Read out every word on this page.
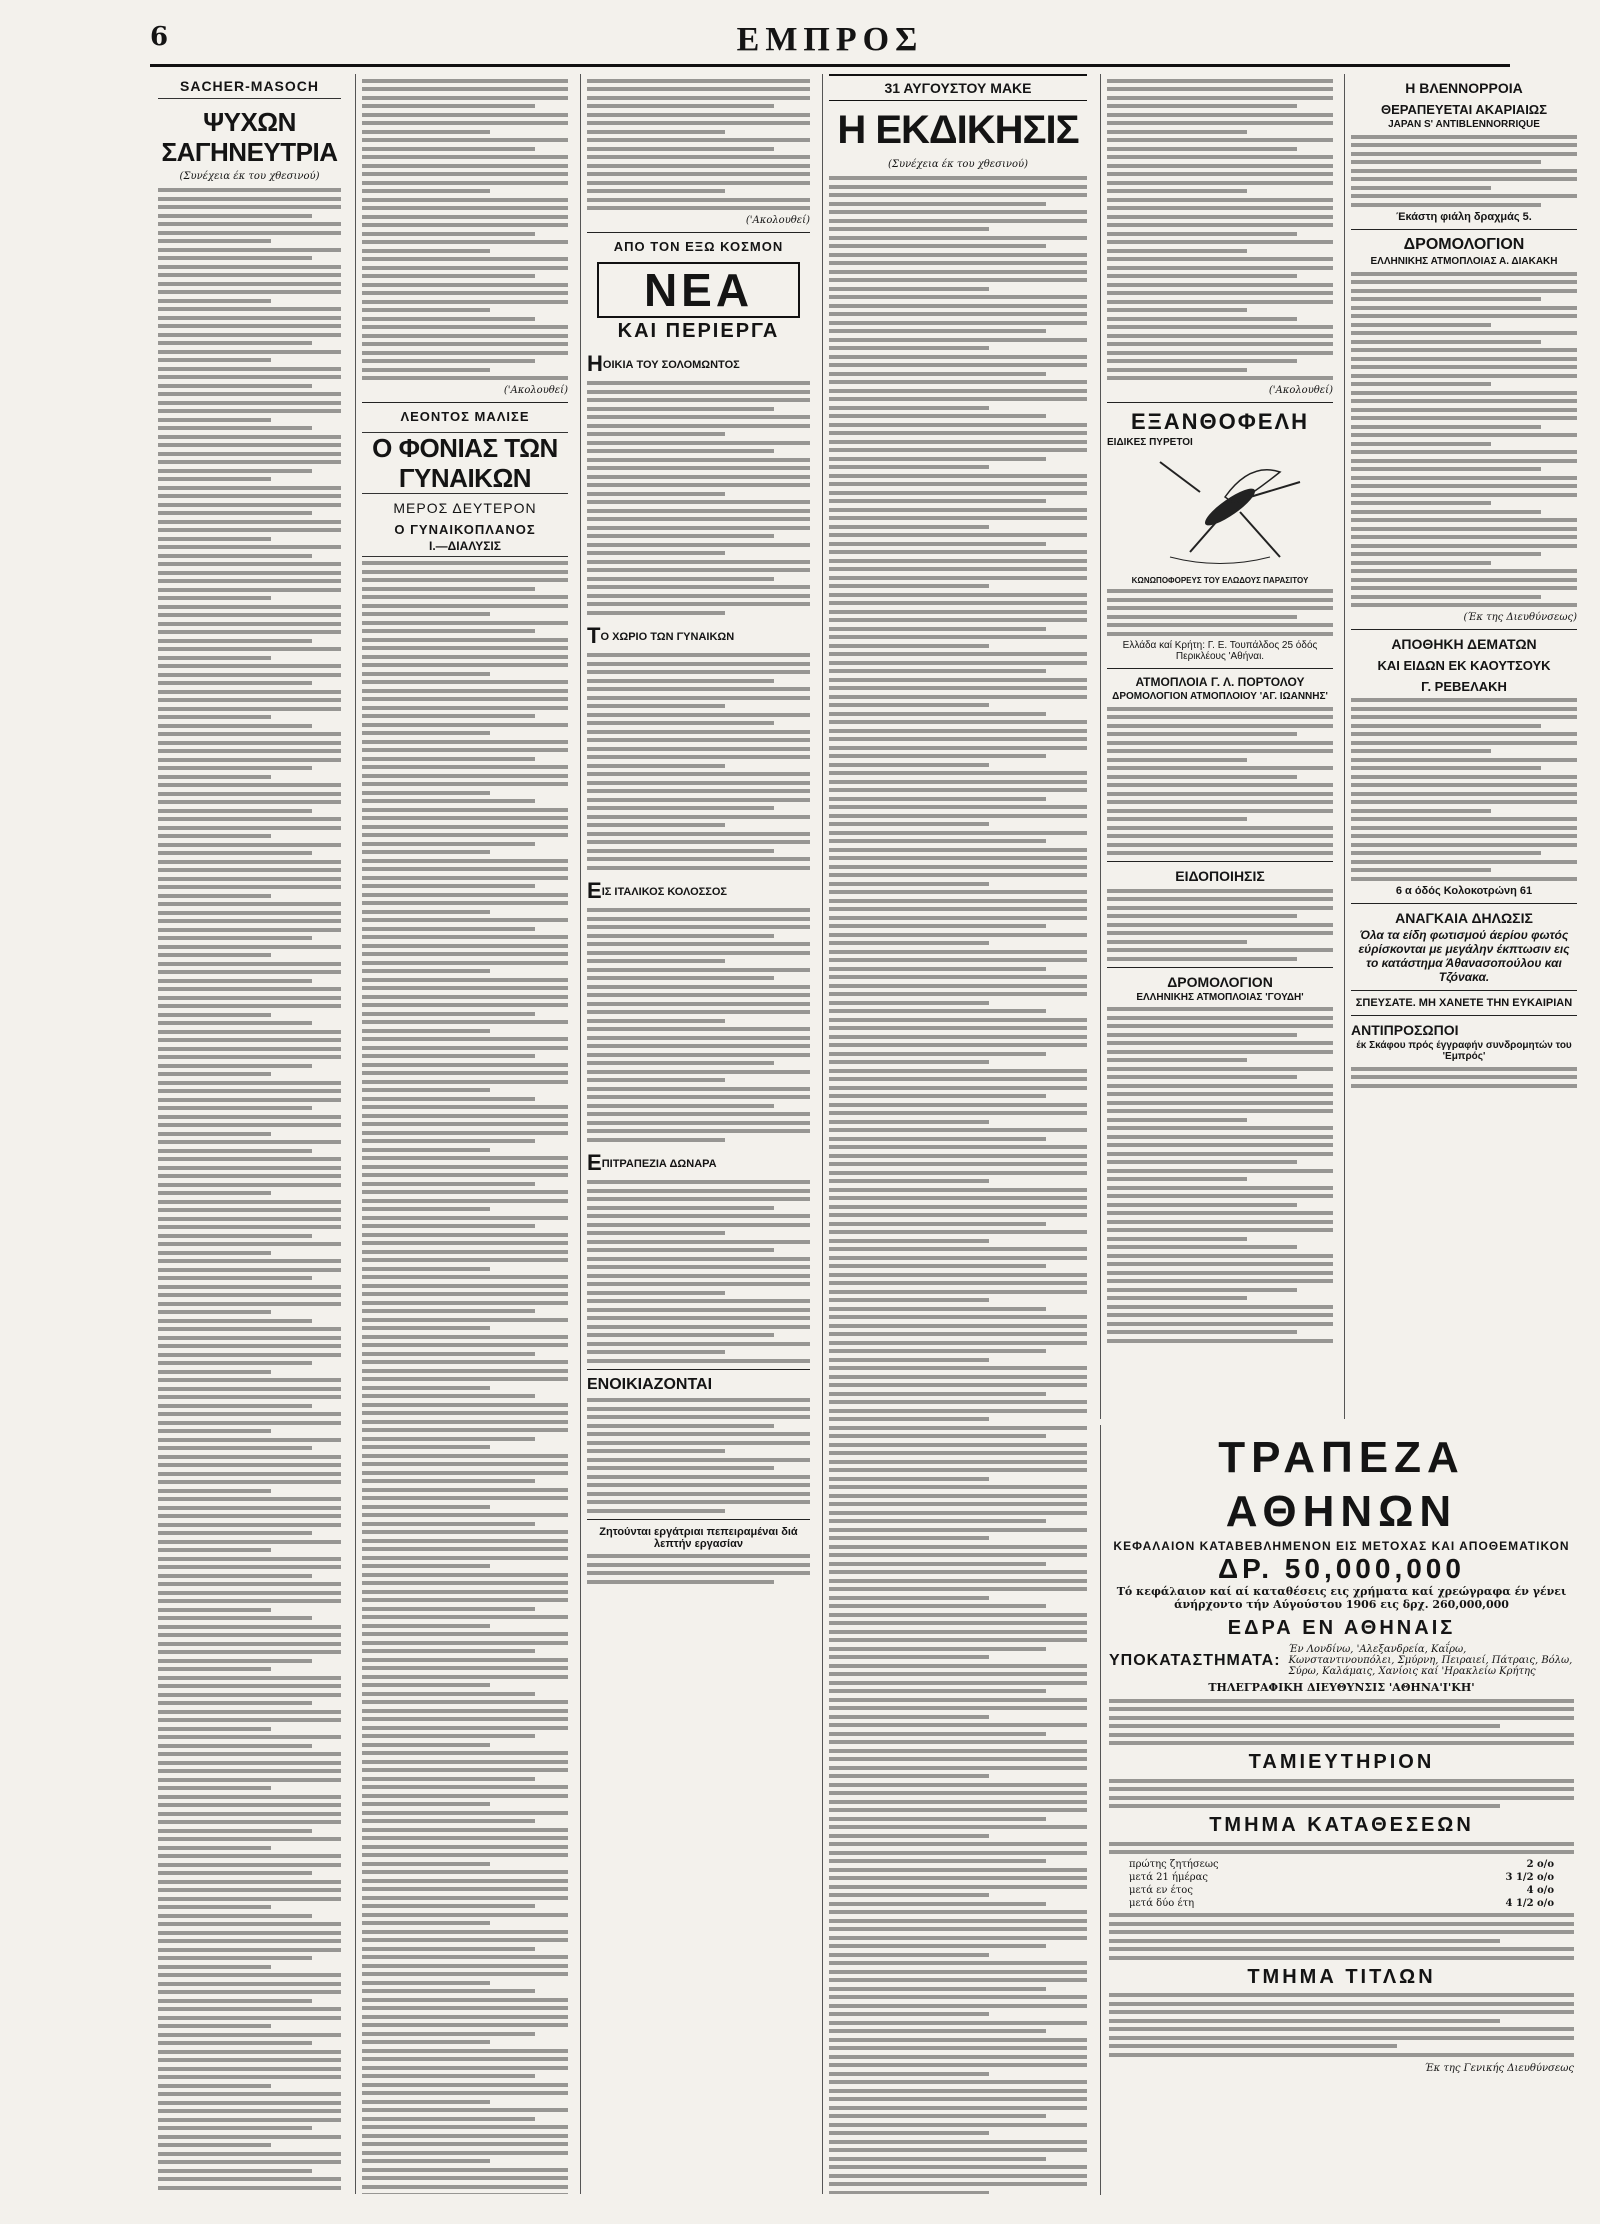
6	ΕΜΠΡΟΣ
SACHER-MASOCH
ΨΥΧΩΝ ΣΑΓΗΝΕΥΤΡΙΑ
(Συνέχεια έκ του χθεσινού)
('Ακολουθεί)
ΛΕΟΝΤΟΣ ΜΑΛΙΣΕ
Ο ΦΟΝΙΑΣ ΤΩΝ ΓΥΝΑΙΚΩΝ
ΜΕΡΟΣ ΔΕΥΤΕΡΟΝ
Ο ΓΥΝΑΙΚΟΠΛΑΝΟΣ
Ι.—ΔΙΑΛΥΣΙΣ
('Ακολουθεί)
ΑΠΟ ΤΟΝ ΕΞΩ ΚΟΣΜΟΝ
ΝΕΑ
ΚΑΙ ΠΕΡΙΕΡΓΑ
ΗΟΙΚΙΑ ΤΟΥ ΣΟΛΟΜΩΝΤΟΣ
ΤΟ ΧΩΡΙΟ ΤΩΝ ΓΥΝΑΙΚΩΝ
ΕΙΣ ΙΤΑΛΙΚΟΣ ΚΟΛΟΣΣΟΣ
ΕΠΙΤΡΑΠΕΖΙΑ ΔΩΝΑΡΑ
ΕΝΟΙΚΙΑΖΟΝΤΑΙ
Ζητούνται εργάτριαι πεπειραμέναι διά λεπτήν εργασίαν
31 ΑΥΓΟΥΣΤΟΥ ΜΑΚΕ
Η ΕΚΔΙΚΗΣΙΣ
(Συνέχεια έκ του χθεσινού)
('Ακολουθεί)
ΕΞΑΝΘΟΦΕΛΗ
ΕΙΔΙΚΕΣ ΠΥΡΕΤΟΙ
ΚΩΝΩΠΟΦΟΡΕΥΣ ΤΟΥ ΕΛΩΔΟΥΣ ΠΑΡΑΣΙΤΟΥ
Ελλάδα καί Κρήτη: Γ. Ε. Τουπάλδος 25 όδός Περικλέους 'Αθήναι.
ΑΤΜΟΠΛΟΙΑ Γ. Λ. ΠΟΡΤΟΛΟΥ
ΔΡΟΜΟΛΟΓΙΟΝ ΑΤΜΟΠΛΟΙΟΥ 'ΑΓ. ΙΩΑΝΝΗΣ'
ΕΙΔΟΠΟΙΗΣΙΣ
ΔΡΟΜΟΛΟΓΙΟΝ
ΕΛΛΗΝΙΚΗΣ ΑΤΜΟΠΛΟΙΑΣ 'ΓΟΥΔΗ'
Η ΒΛΕΝΝΟΡΡΟΙΑ
ΘΕΡΑΠΕΥΕΤΑΙ ΑΚΑΡΙΑΙΩΣ
JAPAN S' ANTIBLENNORRIQUE
Έκάστη φιάλη δραχμάς 5.
ΔΡΟΜΟΛΟΓΙΟΝ
ΕΛΛΗΝΙΚΗΣ ΑΤΜΟΠΛΟΙΑΣ Α. ΔΙΑΚΑΚΗ
(Έκ της Διευθύνσεως)
ΑΠΟΘΗΚΗ ΔΕΜΑΤΩΝ
ΚΑΙ ΕΙΔΩΝ ΕΚ ΚΑΟΥΤΣΟΥΚ
Γ. ΡΕΒΕΛΑΚΗ
6 α όδός Κολοκοτρώνη 61
ΑΝΑΓΚΑΙΑ ΔΗΛΩΣΙΣ
Όλα τα είδη φωτισμού άερίου φωτός εύρίσκονται με μεγάλην έκπτωσιν εις το κατάστημα Άθανασοπούλου και Τζόνακα.
ΣΠΕΥΣΑΤΕ. ΜΗ ΧΑΝΕΤΕ ΤΗΝ ΕΥΚΑΙΡΙΑΝ
ΑΝΤΙΠΡΟΣΩΠΟΙ
έκ Σκάφου πρός έγγραφήν συνδρομητών του 'Εμπρός'
ΤΡΑΠΕΖΑ ΑΘΗΝΩΝ
ΚΕΦΑΛΑΙΟΝ ΚΑΤΑΒΕΒΛΗΜΕΝΟΝ ΕΙΣ ΜΕΤΟΧΑΣ ΚΑΙ ΑΠΟΘΕΜΑΤΙΚΟΝ
ΔΡ. 50,000,000
Τό κεφάλαιον καί αί καταθέσεις εις χρήματα καί χρεώγραφα έν γένει άνήρχοντο τήν Αύγούστου 1906 εις δρχ. 260,000,000
ΕΔΡΑ ΕΝ ΑΘΗΝΑΙΣ
ΥΠΟΚΑΤΑΣΤΗΜΑΤΑ:
Έν Λονδίνω, 'Αλεξανδρεία, Καΐρω, Κωνσταντινουπόλει, Σμύρνη, Πειραιεί, Πάτραις, Βόλω, Σύρω, Καλάμαις, Χανίοις καί 'Ηρακλείω Κρήτης
ΤΗΛΕΓΡΑΦΙΚΗ ΔΙΕΥΘΥΝΣΙΣ 'ΑΘΗΝΑ'Ι'ΚΗ'
ΤΑΜΙΕΥΤΗΡΙΟΝ
ΤΜΗΜΑ ΚΑΤΑΘΕΣΕΩΝ
πρώτης ζητήσεως	2 ο/ο
μετά 21 ήμέρας	3 1/2 ο/ο
μετά εν έτος	4 ο/ο
μετά δύο έτη	4 1/2 ο/ο
ΤΜΗΜΑ ΤΙΤΛΩΝ
Έκ της Γενικής Διευθύνσεως
